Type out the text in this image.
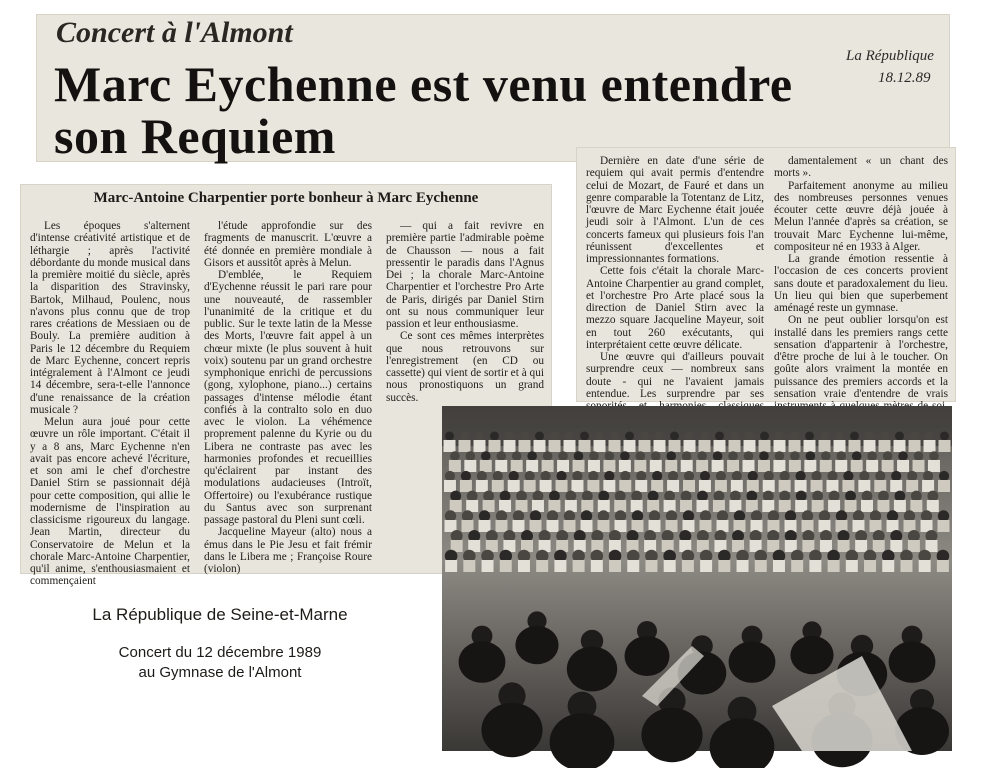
Concert à l'Almont
Marc Eychenne est venu entendre
son Requiem
La République
18.12.89
Marc-Antoine Charpentier porte bonheur à Marc Eychenne

Les époques s'alternent d'intense créativité artistique et de léthargie ; après l'activité débordante du monde musical dans la première moitié du siècle, après la disparition des Stravinsky, Bartok, Milhaud, Poulenc, nous n'avons plus connu que de trop rares créations de Messiaen ou de Bouly. La première audition à Paris le 12 décembre du Requiem de Marc Eychenne, concert repris intégralement à l'Almont ce jeudi 14 décembre, sera-t-elle l'annonce d'une renaissance de la création musicale ?

Melun aura joué pour cette œuvre un rôle important. C'était il y a 8 ans, Marc Eychenne n'en avait pas encore achevé l'écriture, et son ami le chef d'orchestre Daniel Stirn se passionnait déjà pour cette composition, qui allie le modernisme de l'inspiration au classicisme rigoureux du langage. Jean Martin, directeur du Conservatoire de Melun et la chorale Marc-Antoine Charpentier, qu'il anime, s'enthousiasmaient et commençaient

l'étude approfondie sur des fragments de manuscrit. L'œuvre a été donnée en première mondiale à Gisors et aussitôt après à Melun.

D'emblée, le Requiem d'Eychenne réussit le pari rare pour une nouveauté, de rassembler l'unanimité de la critique et du public. Sur le texte latin de la Messe des Morts, l'œuvre fait appel à un chœur mixte (le plus souvent à huit voix) soutenu par un grand orchestre symphonique enrichi de percussions (gong, xylophone, piano...) certains passages d'intense mélodie étant confiés à la contralto solo en duo avec le violon. La véhémence proprement palenne du Kyrie ou du Libera ne contraste pas avec les harmonies profondes et recueillies qu'éclairent par instant des modulations audacieuses (Introït, Offertoire) ou l'exubérance rustique du Santus avec son surprenant passage pastoral du Pleni sunt cœli.

Jacqueline Mayeur (alto) nous a émus dans le Pie Jesu et fait frémir dans le Libera me ; Françoise Roure (violon)

— qui a fait revivre en première partie l'admirable poème de Chausson — nous a fait pressentir le paradis dans l'Agnus Dei ; la chorale Marc-Antoine Charpentier et l'orchestre Pro Arte de Paris, dirigés par Daniel Stirn ont su nous communiquer leur passion et leur enthousiasme.

Ce sont ces mêmes interprètes que nous retrouvons sur l'enregistrement (en CD ou cassette) qui vient de sortir et à qui nous pronostiquons un grand succès.

Dernière en date d'une série de requiem qui avait permis d'entendre celui de Mozart, de Fauré et dans un genre comparable la Totentanz de Litz, l'œuvre de Marc Eychenne était jouée jeudi soir à l'Almont. L'un de ces concerts fameux qui plusieurs fois l'an réunissent d'excellentes et impressionnantes formations.

Cette fois c'était la chorale Marc-Antoine Charpentier au grand complet, et l'orchestre Pro Arte placé sous la direction de Daniel Stirn avec la mezzo square Jacqueline Mayeur, soit en tout 260 exécutants, qui interprétaient cette œuvre délicate.

Une œuvre qui d'ailleurs pouvait surprendre ceux — nombreux sans doute - qui ne l'avaient jamais entendue. Les surprendre par ses

damentalement « un chant des morts ».

Parfaitement anonyme au milieu des nombreuses personnes venues écouter cette œuvre déjà jouée à Melun l'année d'après sa création, se trouvait Marc Eychenne lui-même, compositeur né en 1933 à Alger.

La grande émotion ressentie à l'occasion de ces concerts provient sans doute et paradoxalement du lieu. Un lieu qui bien que superbement aménagé reste un gymnase.

On ne peut oublier lorsqu'on est installé dans les premiers rangs cette sensation d'appartenir à l'orchestre, d'être proche de lui à le toucher. On goûte alors vraiment la montée en puissance des premiers accords et la sensation vraie d'entendre de vrais

La République de Seine-et-Marne
Concert du 12 décembre 1989
au Gymnase de l'Almont
